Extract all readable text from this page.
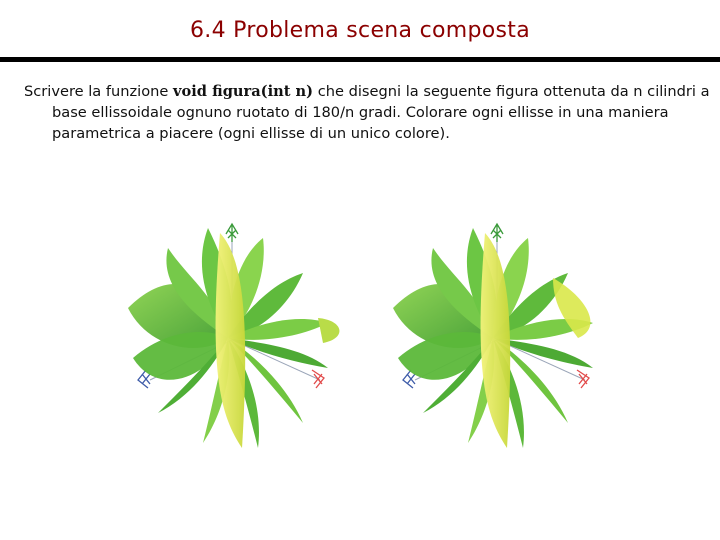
6.4 Problema scena composta
Scrivere la funzione void figura(int n) che disegni la seguente figura ottenuta da n cilindri a base ellissoidale ognuno ruotato di 180/n gradi. Colorare ogni ellisse in una maniera parametrica a piacere (ogni ellisse di un unico colore).
